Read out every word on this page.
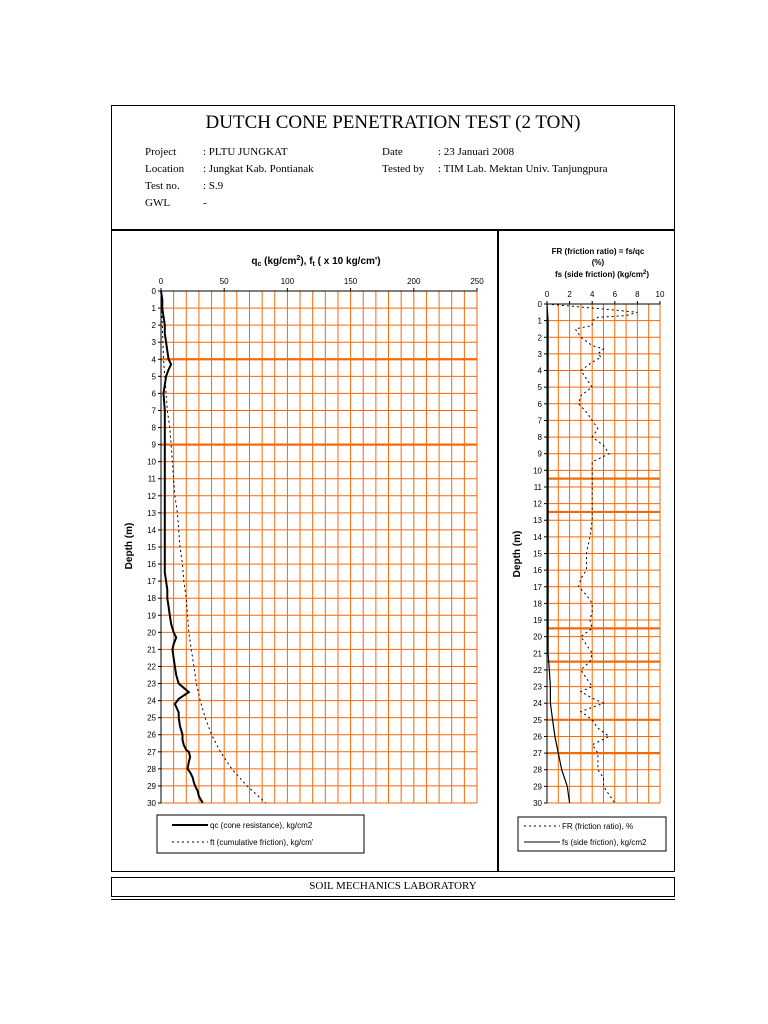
DUTCH CONE PENETRATION TEST (2 TON)
Project : PLTU JUNGKAT
Location : Jungkat Kab. Pontianak
Test no. : S.9
GWL	-
Date	: 23 Januari 2008
Tested by : TIM Lab. Mektan Univ. Tanjungpura
$q_c$ $(kg/cm^2)$, $f_t$ ( x 10 kg/cm')
Depth (m)
FR (friction ratio) = fs/qc
(%)
fs (side friction) $(kg/cm^2)$
Depth (m)
qc (cone resistance), kg/cm2
ft (cumulative friction), kg/cm'
FR (friction ratio), %
fs (side friction), kg/cm2
0	50	100	150	200	250
0
1
2
3
4
5
6
7
8
9
10
11
12
13
14
15
16
17
18
19
20
21
22
23
24
25
26
27
28
29
30
0 2 4 6 8 10
0
1
2
3
4
5
6
7
8
9
10
11
12
13
14
15
16
17
18
19
20
21
22
23
24
25
26
27
28
29
30
SOIL MECHANICS LABORATORY
